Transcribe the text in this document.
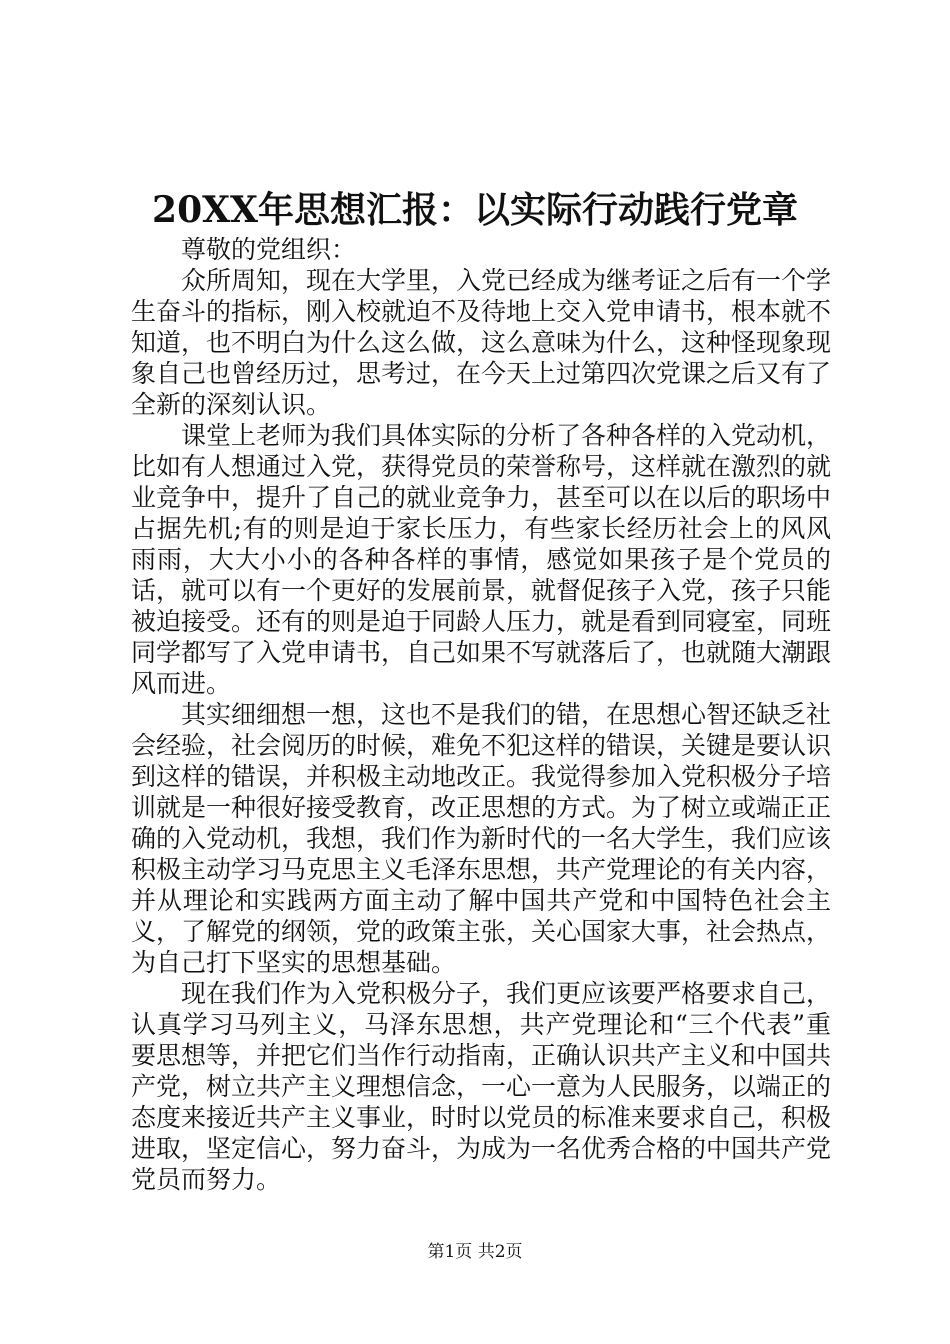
20XX年思想汇报：以实际行动践行党章

尊敬的党组织：

众所周知，现在大学里，入党已经成为继考证之后有一个学生奋斗的指标，刚入校就迫不及待地上交入党申请书，根本就不知道，也不明白为什么这么做，这么意味为什么，这种怪现象现象自己也曾经历过，思考过，在今天上过第四次党课之后又有了全新的深刻认识。

课堂上老师为我们具体实际的分析了各种各样的入党动机，比如有人想通过入党，获得党员的荣誉称号，这样就在激烈的就业竞争中，提升了自己的就业竞争力，甚至可以在以后的职场中占据先机;有的则是迫于家长压力，有些家长经历社会上的风风雨雨，大大小小的各种各样的事情，感觉如果孩子是个党员的话，就可以有一个更好的发展前景，就督促孩子入党，孩子只能被迫接受。还有的则是迫于同龄人压力，就是看到同寝室，同班同学都写了入党申请书，自己如果不写就落后了，也就随大潮跟风而进。

其实细细想一想，这也不是我们的错，在思想心智还缺乏社会经验，社会阅历的时候，难免不犯这样的错误，关键是要认识到这样的错误，并积极主动地改正。我觉得参加入党积极分子培训就是一种很好接受教育，改正思想的方式。为了树立或端正正确的入党动机，我想，我们作为新时代的一名大学生，我们应该积极主动学习马克思主义毛泽东思想，共产党理论的有关内容，并从理论和实践两方面主动了解中国共产党和中国特色社会主义，了解党的纲领，党的政策主张，关心国家大事，社会热点，为自己打下坚实的思想基础。

现在我们作为入党积极分子，我们更应该要严格要求自己，认真学习马列主义，马泽东思想，共产党理论和“三个代表”重要思想等，并把它们当作行动指南，正确认识共产主义和中国共产党，树立共产主义理想信念，一心一意为人民服务，以端正的态度来接近共产主义事业，时时以党员的标准来要求自己，积极进取，坚定信心，努力奋斗，为成为一名优秀合格的中国共产党党员而努力。

第1页 共2页
